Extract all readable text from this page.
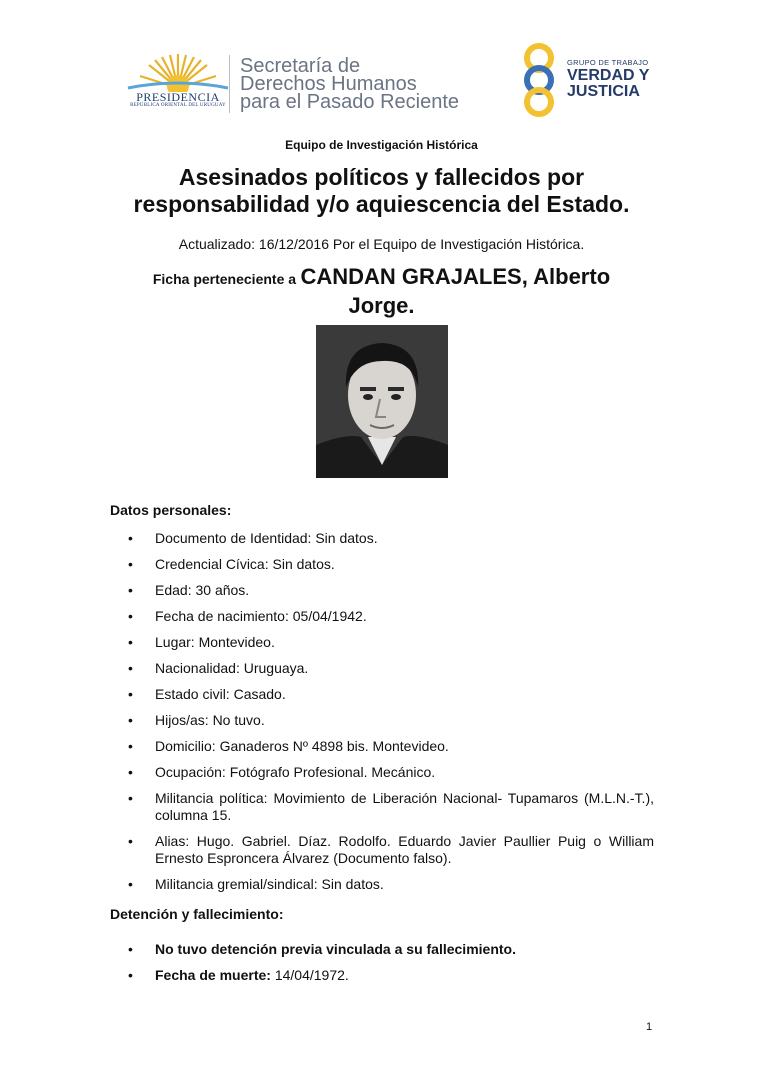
PRESIDENCIA
REPÚBLICA ORIENTAL DEL URUGUAY
Secretaría de
Derechos Humanos
para el Pasado Reciente
GRUPO DE TRABAJO
VERDAD Y
JUSTICIA
Equipo de Investigación Histórica
Asesinados políticos y fallecidos por
responsabilidad y/o aquiescencia del Estado.
Actualizado: 16/12/2016 Por el Equipo de Investigación Histórica.
Ficha perteneciente a CANDAN GRAJALES, Alberto
Jorge.
Datos personales:
• Documento de Identidad: Sin datos.
• Credencial Cívica: Sin datos.
• Edad: 30 años.
• Fecha de nacimiento: 05/04/1942.
• Lugar: Montevideo.
• Nacionalidad: Uruguaya.
• Estado civil: Casado.
• Hijos/as: No tuvo.
• Domicilio: Ganaderos Nº 4898 bis. Montevideo.
• Ocupación: Fotógrafo Profesional. Mecánico.
• Militancia política: Movimiento de Liberación Nacional- Tupamaros (M.L.N.-T.), columna 15.
• Alias: Hugo. Gabriel. Díaz. Rodolfo. Eduardo Javier Paullier Puig o William Ernesto Esproncera Álvarez (Documento falso).
• Militancia gremial/sindical: Sin datos.
Detención y fallecimiento:
• No tuvo detención previa vinculada a su fallecimiento.
• Fecha de muerte: 14/04/1972.
1
